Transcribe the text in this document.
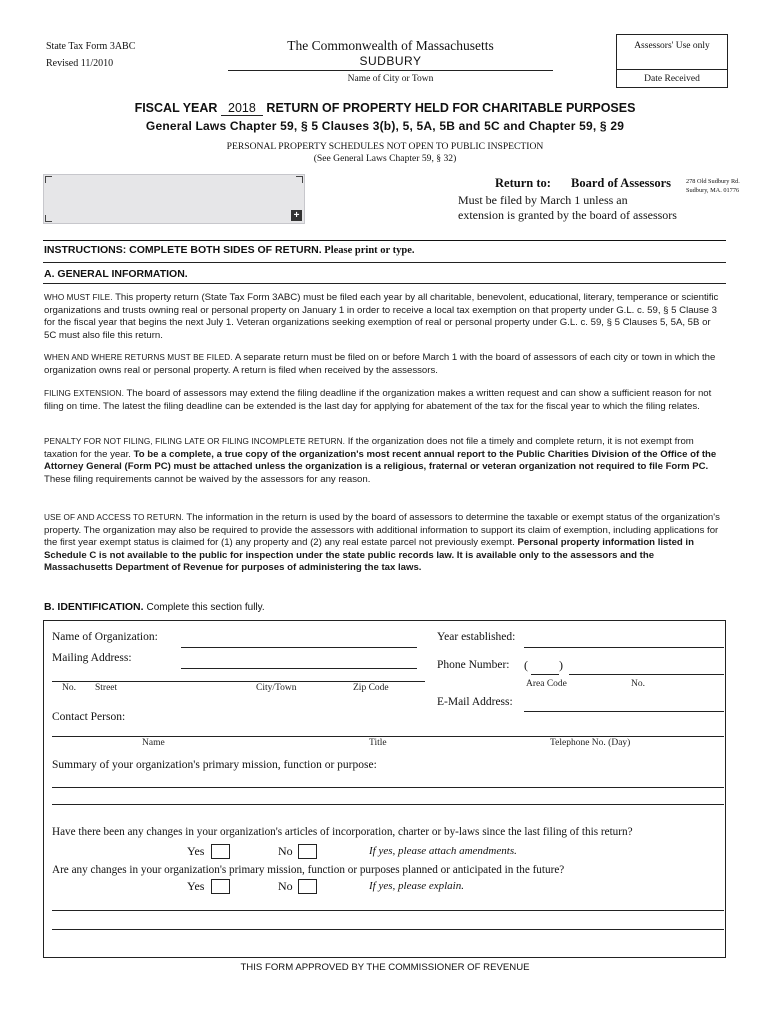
State Tax Form 3ABC
Revised 11/2010
The Commonwealth of Massachusetts
SUDBURY
Name of City or Town
Assessors' Use only
Date Received
FISCAL YEAR 2018 RETURN OF PROPERTY HELD FOR CHARITABLE PURPOSES
General Laws Chapter 59, § 5 Clauses 3(b), 5, 5A, 5B and 5C and Chapter 59, § 29
PERSONAL PROPERTY SCHEDULES NOT OPEN TO PUBLIC INSPECTION
(See General Laws Chapter 59, § 32)
+
Return to: Board of Assessors 278 Old Sudbury Rd.
Sudbury, MA. 01776
Must be filed by March 1 unless an
extension is granted by the board of assessors
INSTRUCTIONS: COMPLETE BOTH SIDES OF RETURN. Please print or type.
A. GENERAL INFORMATION.
WHO MUST FILE. This property return (State Tax Form 3ABC) must be filed each year by all charitable, benevolent, educational, literary, temperance or scientific organizations and trusts owning real or personal property on January 1 in order to receive a local tax exemption on that property under G.L. c. 59, § 5 Clause 3 for the fiscal year that begins the next July 1. Veteran organizations seeking exemption of real or personal property under G.L. c. 59, § 5 Clauses 5, 5A, 5B or 5C must also file this return.
WHEN AND WHERE RETURNS MUST BE FILED. A separate return must be filed on or before March 1 with the board of assessors of each city or town in which the organization owns real or personal property. A return is filed when received by the assessors.
FILING EXTENSION. The board of assessors may extend the filing deadline if the organization makes a written request and can show a sufficient reason for not filing on time. The latest the filing deadline can be extended is the last day for applying for abatement of the tax for the fiscal year to which the filing relates.
PENALTY FOR NOT FILING, FILING LATE OR FILING INCOMPLETE RETURN. If the organization does not file a timely and complete return, it is not exempt from taxation for the year. To be a complete, a true copy of the organization's most recent annual report to the Public Charities Division of the Office of the Attorney General (Form PC) must be attached unless the organization is a religious, fraternal or veteran organization not required to file Form PC. These filing requirements cannot be waived by the assessors for any reason.
USE OF AND ACCESS TO RETURN. The information in the return is used by the board of assessors to determine the taxable or exempt status of the organization's property. The organization may also be required to provide the assessors with additional information to support its claim of exemption, including applications for the first year exempt status is claimed for (1) any property and (2) any real estate parcel not previously exempt. Personal property information listed in Schedule C is not available to the public for inspection under the state public records law. It is available only to the assessors and the Massachusetts Department of Revenue for purposes of administering the tax laws.
B. IDENTIFICATION. Complete this section fully.
Name of Organization:	Year established:
Mailing Address:
Phone Number: (	)
No. Street	City/Town	Zip Code	Area Code	No.
E-Mail Address:
Contact Person:
Name	Title	Telephone No. (Day)
Summary of your organization's primary mission, function or purpose:
Have there been any changes in your organization's articles of incorporation, charter or by-laws since the last filing of this return?
Yes	No	If yes, please attach amendments.
Are any changes in your organization's primary mission, function or purposes planned or anticipated in the future?
Yes	No	If yes, please explain.
THIS FORM APPROVED BY THE COMMISSIONER OF REVENUE
